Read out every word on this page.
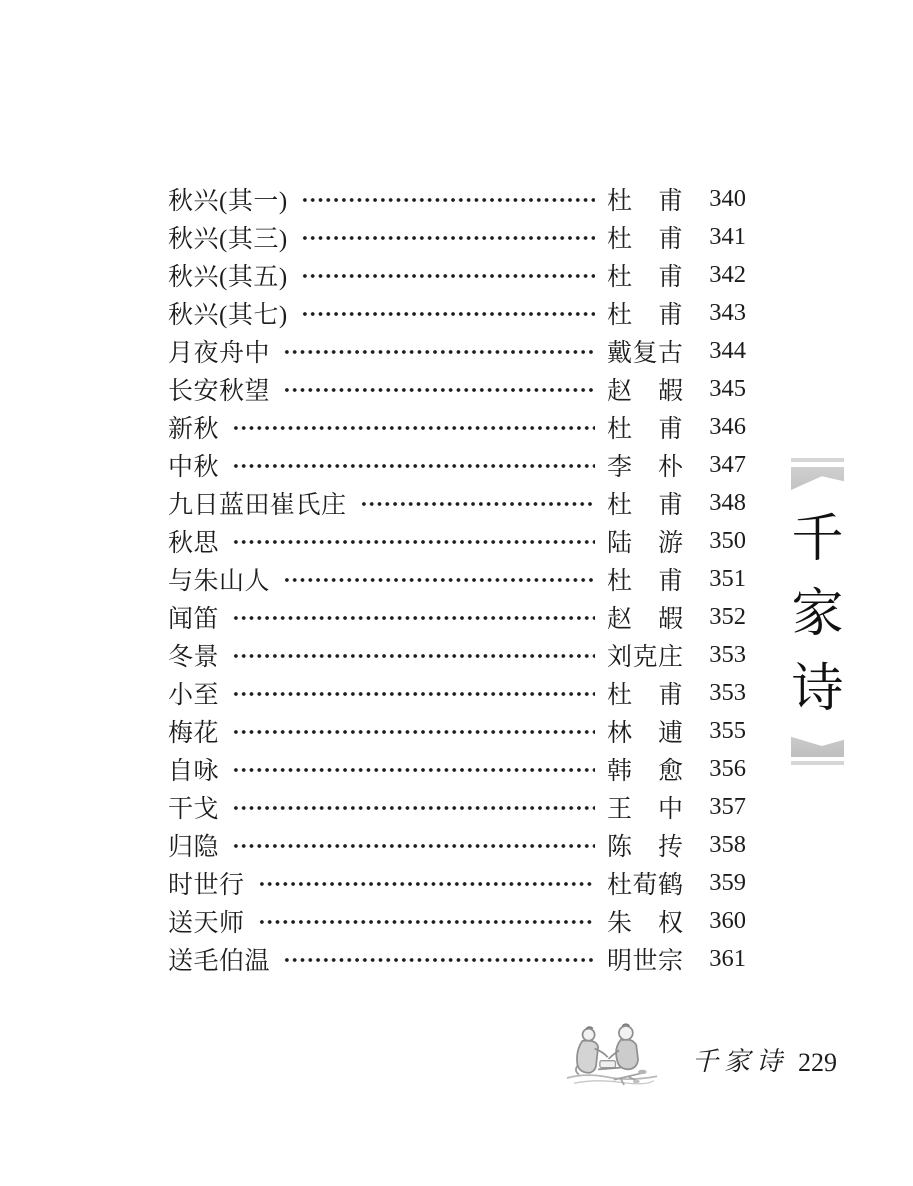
秋兴(其一)	杜 甫	340
秋兴(其三)	杜 甫	341
秋兴(其五)	杜 甫	342
秋兴(其七)	杜 甫	343
月夜舟中	戴 复 古	344
长安秋望	赵 嘏	345
新秋	杜 甫	346
中秋	李 朴	347
九日蓝田崔氏庄	杜 甫	348
秋思	陆 游	350
与朱山人	杜 甫	351
闻笛	赵 嘏	352
冬景	刘 克 庄	353
小至	杜 甫	353
梅花	林 逋	355
自咏	韩 愈	356
干戈	王 中	357
归隐	陈 抟	358
时世行	杜 荀 鹤	359
送天师	朱 权	360
送毛伯温	明 世 宗	361
千
家
诗
千家诗 229
